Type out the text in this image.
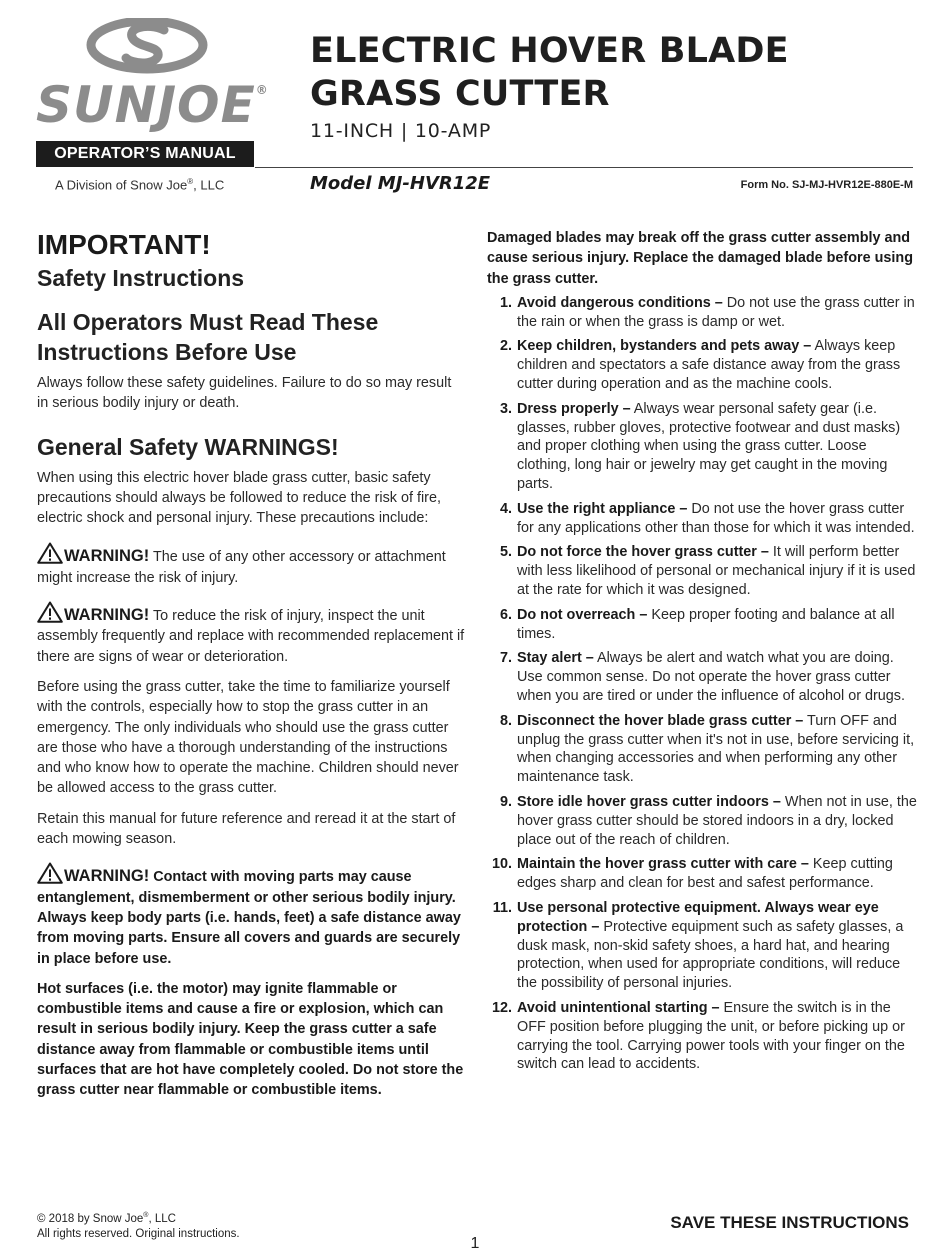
SUNJOE®
OPERATOR’S MANUAL
A Division of Snow Joe®, LLC
ELECTRIC HOVER BLADE
GRASS CUTTER
11-INCH | 10-AMP
Model MJ-HVR12E	Form No. SJ-MJ-HVR12E-880E-M
IMPORTANT!
Safety Instructions
All Operators Must Read These
Instructions Before Use
Always follow these safety guidelines. Failure to do so may result in serious bodily injury or death.
General Safety WARNINGS!
When using this electric hover blade grass cutter, basic safety precautions should always be followed to reduce the risk of fire, electric shock and personal injury. These precautions include:
WARNING! The use of any other accessory or attachment might increase the risk of injury.
WARNING! To reduce the risk of injury, inspect the unit assembly frequently and replace with recommended replacement if there are signs of wear or deterioration.
Before using the grass cutter, take the time to familiarize yourself with the controls, especially how to stop the grass cutter in an emergency. The only individuals who should use the grass cutter are those who have a thorough understanding of the instructions and who know how to operate the machine. Children should never be allowed access to the grass cutter.
Retain this manual for future reference and reread it at the start of each mowing season.
WARNING! Contact with moving parts may cause entanglement, dismemberment or other serious bodily injury. Always keep body parts (i.e. hands, feet) a safe distance away from moving parts. Ensure all covers and guards are securely in place before use.
Hot surfaces (i.e. the motor) may ignite flammable or combustible items and cause a fire or explosion, which can result in serious bodily injury. Keep the grass cutter a safe distance away from flammable or combustible items until surfaces that are hot have completely cooled. Do not store the grass cutter near flammable or combustible items.
Damaged blades may break off the grass cutter assembly and cause serious injury. Replace the damaged blade before using the grass cutter.
1. Avoid dangerous conditions – Do not use the grass cutter in the rain or when the grass is damp or wet.
2. Keep children, bystanders and pets away – Always keep children and spectators a safe distance away from the grass cutter during operation and as the machine cools.
3. Dress properly – Always wear personal safety gear (i.e. glasses, rubber gloves, protective footwear and dust masks) and proper clothing when using the grass cutter. Loose clothing, long hair or jewelry may get caught in the moving parts.
4. Use the right appliance – Do not use the hover grass cutter for any applications other than those for which it was intended.
5. Do not force the hover grass cutter – It will perform better with less likelihood of personal or mechanical injury if it is used at the rate for which it was designed.
6. Do not overreach – Keep proper footing and balance at all times.
7. Stay alert – Always be alert and watch what you are doing. Use common sense. Do not operate the hover grass cutter when you are tired or under the influence of alcohol or drugs.
8. Disconnect the hover blade grass cutter – Turn OFF and unplug the grass cutter when it's not in use, before servicing it, when changing accessories and when performing any other maintenance task.
9. Store idle hover grass cutter indoors – When not in use, the hover grass cutter should be stored indoors in a dry, locked place out of the reach of children.
10. Maintain the hover grass cutter with care – Keep cutting edges sharp and clean for best and safest performance.
11. Use personal protective equipment. Always wear eye protection – Protective equipment such as safety glasses, a dusk mask, non-skid safety shoes, a hard hat, and hearing protection, when used for appropriate conditions, will reduce the possibility of personal injuries.
12. Avoid unintentional starting – Ensure the switch is in the OFF position before plugging the unit, or before picking up or carrying the tool. Carrying power tools with your finger on the switch can lead to accidents.
© 2018 by Snow Joe®, LLC
All rights reserved. Original instructions.
SAVE THESE INSTRUCTIONS
1
